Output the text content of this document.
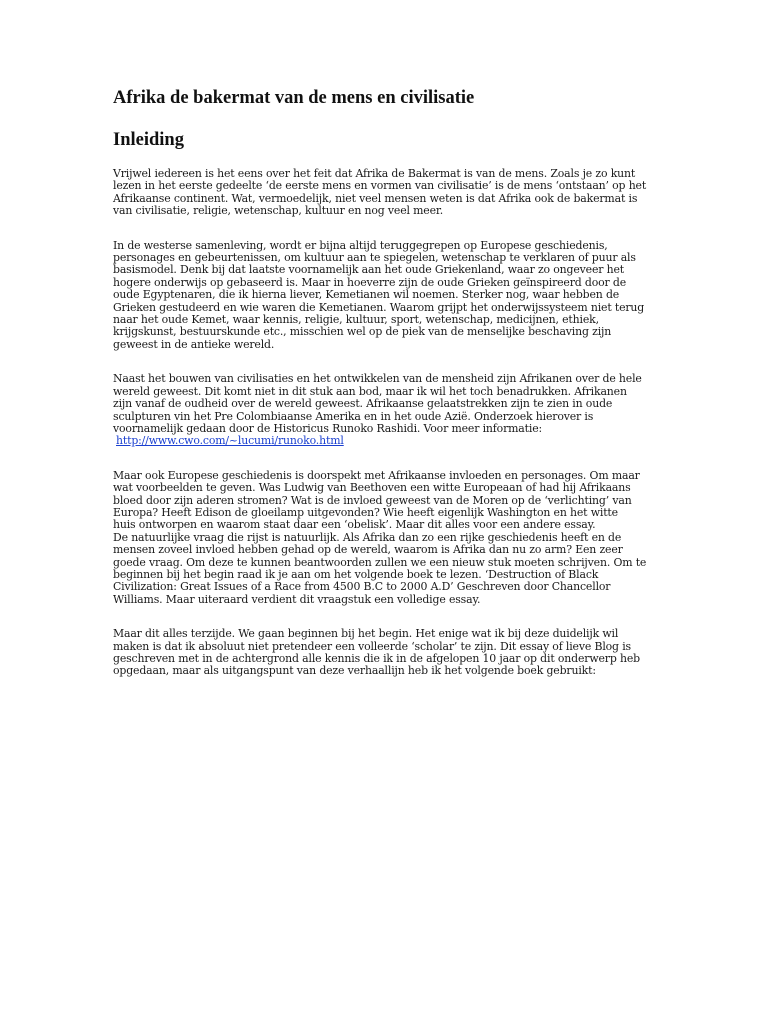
Afrika de bakermat van de mens en civilisatie
Inleiding

Vrijwel iedereen is het eens over het feit dat Afrika de Bakermat is van de mens. Zoals je zo kunt
lezen in het eerste gedeelte ‘de eerste mens en vormen van civilisatie’ is de mens ‘ontstaan’ op het
Afrikaanse continent. Wat, vermoedelijk, niet veel mensen weten is dat Afrika ook de bakermat is
van civilisatie, religie, wetenschap, kultuur en nog veel meer.

In de westerse samenleving, wordt er bijna altijd teruggegrepen op Europese geschiedenis,
personages en gebeurtenissen, om kultuur aan te spiegelen, wetenschap te verklaren of puur als
basismodel. Denk bij dat laatste voornamelijk aan het oude Griekenland, waar zo ongeveer het
hogere onderwijs op gebaseerd is. Maar in hoeverre zijn de oude Grieken geïnspireerd door de
oude Egyptenaren, die ik hierna liever, Kemetianen wil noemen. Sterker nog, waar hebben de
Grieken gestudeerd en wie waren die Kemetianen. Waarom grijpt het onderwijssysteem niet terug
naar het oude Kemet, waar kennis, religie, kultuur, sport, wetenschap, medicijnen, ethiek,
krijgskunst, bestuurskunde etc., misschien wel op de piek van de menselijke beschaving zijn
geweest in de antieke wereld.

Naast het bouwen van civilisaties en het ontwikkelen van de mensheid zijn Afrikanen over de hele
wereld geweest. Dit komt niet in dit stuk aan bod, maar ik wil het toch benadrukken. Afrikanen
zijn vanaf de oudheid over de wereld geweest. Afrikaanse gelaatstrekken zijn te zien in oude
sculpturen vin het Pre Colombiaanse Amerika en in het oude Azië. Onderzoek hierover is
voornamelijk gedaan door de Historicus Runoko Rashidi. Voor meer informatie:
http://www.cwo.com/~lucumi/runoko.html

Maar ook Europese geschiedenis is doorspekt met Afrikaanse invloeden en personages. Om maar
wat voorbeelden te geven. Was Ludwig van Beethoven een witte Europeaan of had hij Afrikaans
bloed door zijn aderen stromen? Wat is de invloed geweest van de Moren op de ‘verlichting’ van
Europa? Heeft Edison de gloeilamp uitgevonden? Wie heeft eigenlijk Washington en het witte
huis ontworpen en waarom staat daar een ‘obelisk’. Maar dit alles voor een andere essay.
De natuurlijke vraag die rijst is natuurlijk. Als Afrika dan zo een rijke geschiedenis heeft en de
mensen zoveel invloed hebben gehad op de wereld, waarom is Afrika dan nu zo arm? Een zeer
goede vraag. Om deze te kunnen beantwoorden zullen we een nieuw stuk moeten schrijven. Om te
beginnen bij het begin raad ik je aan om het volgende boek te lezen. ‘Destruction of Black
Civilization: Great Issues of a Race from 4500 B.C to 2000 A.D’ Geschreven door Chancellor
Williams. Maar uiteraard verdient dit vraagstuk een volledige essay.

Maar dit alles terzijde. We gaan beginnen bij het begin. Het enige wat ik bij deze duidelijk wil
maken is dat ik absoluut niet pretendeer een volleerde ‘scholar’ te zijn. Dit essay of lieve Blog is
geschreven met in de achtergrond alle kennis die ik in de afgelopen 10 jaar op dit onderwerp heb
opgedaan, maar als uitgangspunt van deze verhaallijn heb ik het volgende boek gebruikt:
